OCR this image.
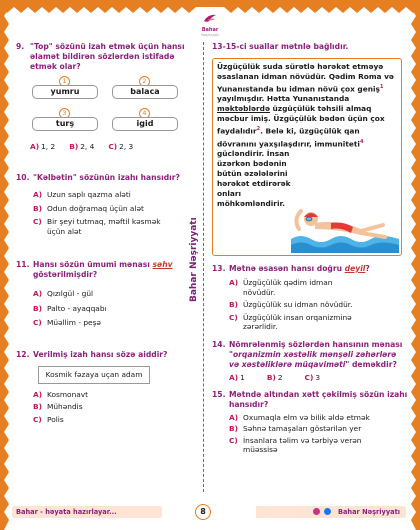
Bahar
Nəşriyyatı
Bahar Nəşriyyatı
9. "Top" sözünü izah etmək üçün hansı əlamət bildirən sözlərdən istifadə etmək olar?
1
yumru
2
balaca
3
turş
4
igid
A) 1, 2 B) 2, 4 C) 2, 3
10. "Kəlbətin" sözünün izahı hansıdır?
A) Uzun saplı qazma aləti
B) Odun doğramaq üçün alət
C) Bir şeyi tutmaq, məftil kəsmək üçün alət
11. Hansı sözün ümumi mənası səhv göstərilmişdir?
A) Qızılgül - gül
B) Palto - ayaqqabı
C) Müəllim - peşə
12. Verilmiş izah hansı sözə aiddir?
Kosmik fəzaya uçan adam
A) Kosmonavt
B) Mühəndis
C) Polis
13-15-ci suallar mətnlə bağlıdır.
Üzgüçülük suda sürətlə hərəkət etməyə əsaslanan idman növüdür. Qədim Roma və Yunanıstanda bu idman növü çox geniş$^1$ yayılmışdır. Hətta Yunanıstanda məktəblərdə üzgüçülük təhsili almaq məcbur imiş. Üzgüçülük bədən üçün çox faydalıdır$^2$. Belə ki, üzgüçülük qan dövranını yaxşılaşdırır, immuniteti$^4$
gücləndirir. İnsan üzərkən bədənin bütün əzələlərini hərəkət etdirərək onları möhkəmləndirir.
13. Mətnə əsasən hansı doğru deyil?
A) Üzgüçülük qədim idman növüdür.
B) Üzgüçülük su idman növüdür.
C) Üzgüçülük insan orqanizminə zərərlidir.
14. Nömrələnmiş sözlərdən hansının mənası "orqanizmin xəstəlik mənşəli zəhərlərə və xəstəliklərə müqaviməti" deməkdir?
A) 1	B) 2	C) 3
15. Mətndə altından xətt çəkilmiş sözün izahı hansıdır?
A) Oxumaqla elm və bilik əldə etmək
B) Səhnə tamaşaları göstərilən yer
C) İnsanlara təlim və tərbiyə verən müəssisə
Bahar - həyata hazırlayar...	8	Bahar Nəşriyyatı
